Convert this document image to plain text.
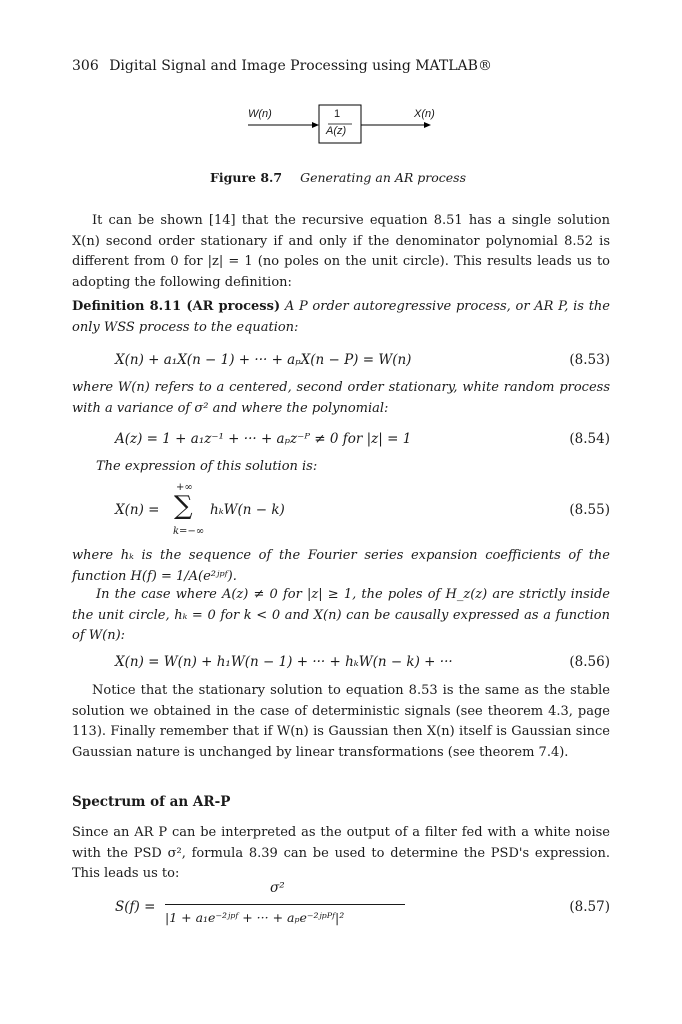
306 Digital Signal and Image Processing using MATLAB®
W(n)	1
A(z)
X(n)
Figure 8.7 Generating an AR process
It can be shown [14] that the recursive equation 8.51 has a single solution X(n) second order stationary if and only if the denominator polynomial 8.52 is different from 0 for |z| = 1 (no poles on the unit circle). This results leads us to adopting the following definition:
Definition 8.11 (AR process) A P order autoregressive process, or AR P, is the only WSS process to the equation:
X(n) + a₁X(n − 1) + ··· + aₚX(n − P) = W(n)	(8.53)
where W(n) refers to a centered, second order stationary, white random process with a variance of σ² and where the polynomial:
A(z) = 1 + a₁z⁻¹ + ··· + aₚz⁻ᴾ ≠ 0 for |z| = 1	(8.54)
The expression of this solution is:
X(n) =
+∞
∑
k=−∞
hₖW(n − k)	(8.55)
where hₖ is the sequence of the Fourier series expansion coefficients of the function H(f) = 1/A(e²ʲᵖᶠ).
In the case where A(z) ≠ 0 for |z| ≥ 1, the poles of H_z(z) are strictly inside the unit circle, hₖ = 0 for k < 0 and X(n) can be causally expressed as a function of W(n):
X(n) = W(n) + h₁W(n − 1) + ··· + hₖW(n − k) + ···	(8.56)
Notice that the stationary solution to equation 8.53 is the same as the stable solution we obtained in the case of deterministic signals (see theorem 4.3, page 113). Finally remember that if W(n) is Gaussian then X(n) itself is Gaussian since Gaussian nature is unchanged by linear transformations (see theorem 7.4).
Spectrum of an AR-P
Since an AR P can be interpreted as the output of a filter fed with a white noise with the PSD σ², formula 8.39 can be used to determine the PSD's expression. This leads us to:
S(f) =
σ²
|1 + a₁e⁻²ʲᵖᶠ + ··· + aₚe⁻²ʲᵖᴾᶠ|²
(8.57)
